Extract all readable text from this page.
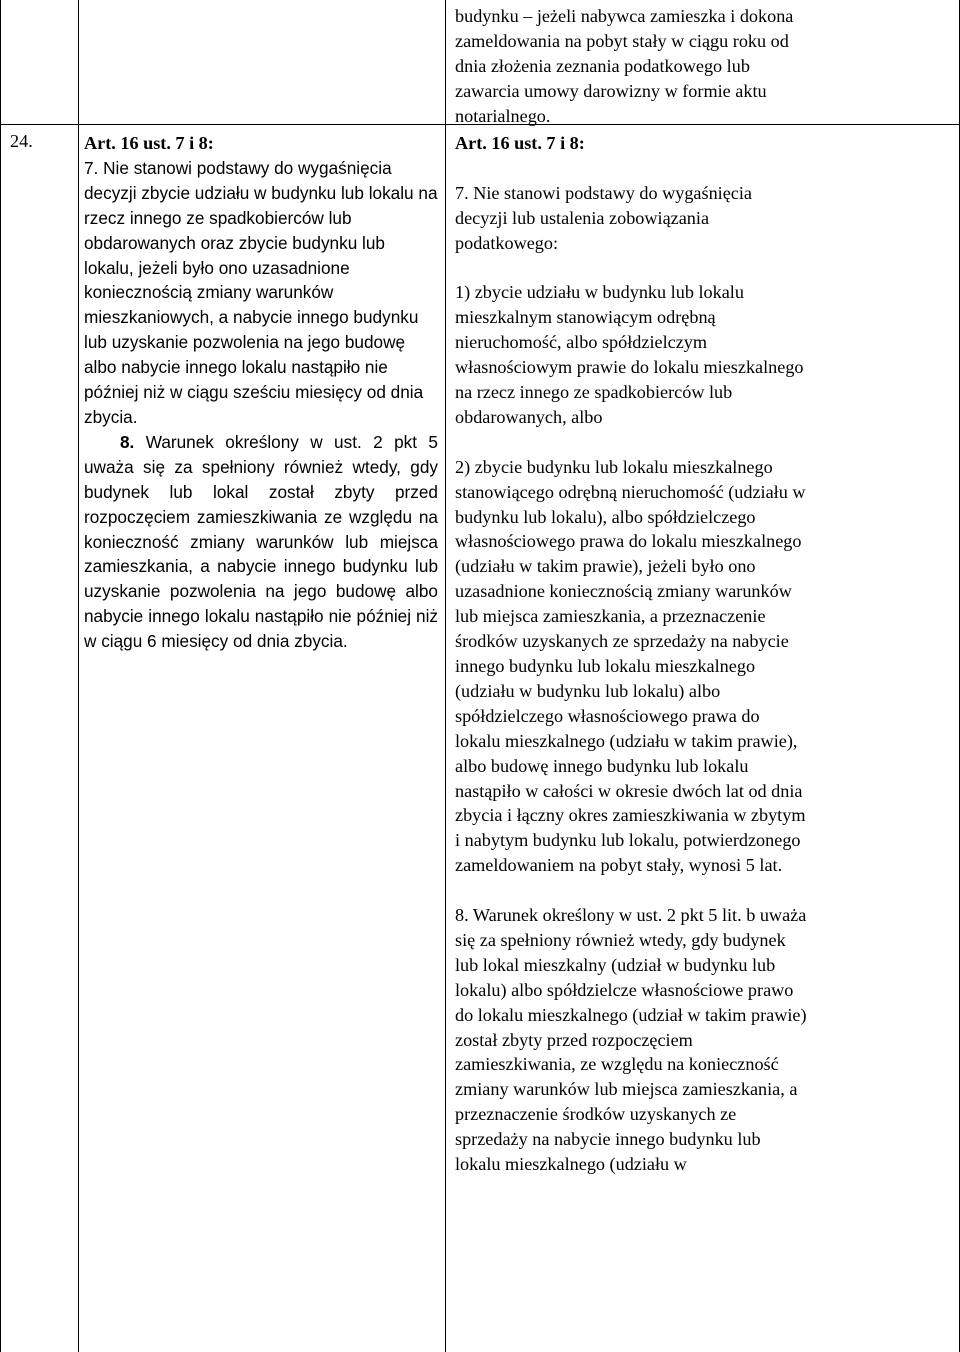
24.	Art. 16 ust. 7 i 8:

7. Nie stanowi podstawy do wygaśnięcia decyzji zbycie udziału w budynku lub lokalu na rzecz innego ze spadkobierców lub obdarowanych oraz zbycie budynku lub lokalu, jeżeli było ono uzasadnione koniecznością zmiany warunków mieszkaniowych, a nabycie innego budynku lub uzyskanie pozwolenia na jego budowę albo nabycie innego lokalu nastąpiło nie później niż w ciągu sześciu miesięcy od dnia zbycia.

8. Warunek określony w ust. 2 pkt 5 uważa się za spełniony również wtedy, gdy budynek lub lokal został zbyty przed rozpoczęciem zamieszkiwania ze względu na konieczność zmiany warunków lub miejsca zamieszkania, a nabycie innego budynku lub uzyskanie pozwolenia na jego budowę albo nabycie innego lokalu nastąpiło nie później niż w ciągu 6 miesięcy od dnia zbycia.

budynku – jeżeli nabywca zamieszka i dokona zameldowania na pobyt stały w ciągu roku od dnia złożenia zeznania podatkowego lub zawarcia umowy darowizny w formie aktu notarialnego.

Art. 16 ust. 7 i 8:

7. Nie stanowi podstawy do wygaśnięcia decyzji lub ustalenia zobowiązania podatkowego:

1) zbycie udziału w budynku lub lokalu mieszkalnym stanowiącym odrębną nieruchomość, albo spółdzielczym własnościowym prawie do lokalu mieszkalnego na rzecz innego ze spadkobierców lub obdarowanych, albo

2) zbycie budynku lub lokalu mieszkalnego stanowiącego odrębną nieruchomość (udziału w budynku lub lokalu), albo spółdzielczego własnościowego prawa do lokalu mieszkalnego (udziału w takim prawie), jeżeli było ono uzasadnione koniecznością zmiany warunków lub miejsca zamieszkania, a przeznaczenie środków uzyskanych ze sprzedaży na nabycie innego budynku lub lokalu mieszkalnego (udziału w budynku lub lokalu) albo spółdzielczego własnościowego prawa do lokalu mieszkalnego (udziału w takim prawie), albo budowę innego budynku lub lokalu nastąpiło w całości w okresie dwóch lat od dnia zbycia i łączny okres zamieszkiwania w zbytym i nabytym budynku lub lokalu, potwierdzonego zameldowaniem na pobyt stały, wynosi 5 lat.

8. Warunek określony w ust. 2 pkt 5 lit. b uważa się za spełniony również wtedy, gdy budynek lub lokal mieszkalny (udział w budynku lub lokalu) albo spółdzielcze własnościowe prawo do lokalu mieszkalnego (udział w takim prawie) został zbyty przed rozpoczęciem zamieszkiwania, ze względu na konieczność zmiany warunków lub miejsca zamieszkania, a przeznaczenie środków uzyskanych ze sprzedaży na nabycie innego budynku lub lokalu mieszkalnego (udziału w
